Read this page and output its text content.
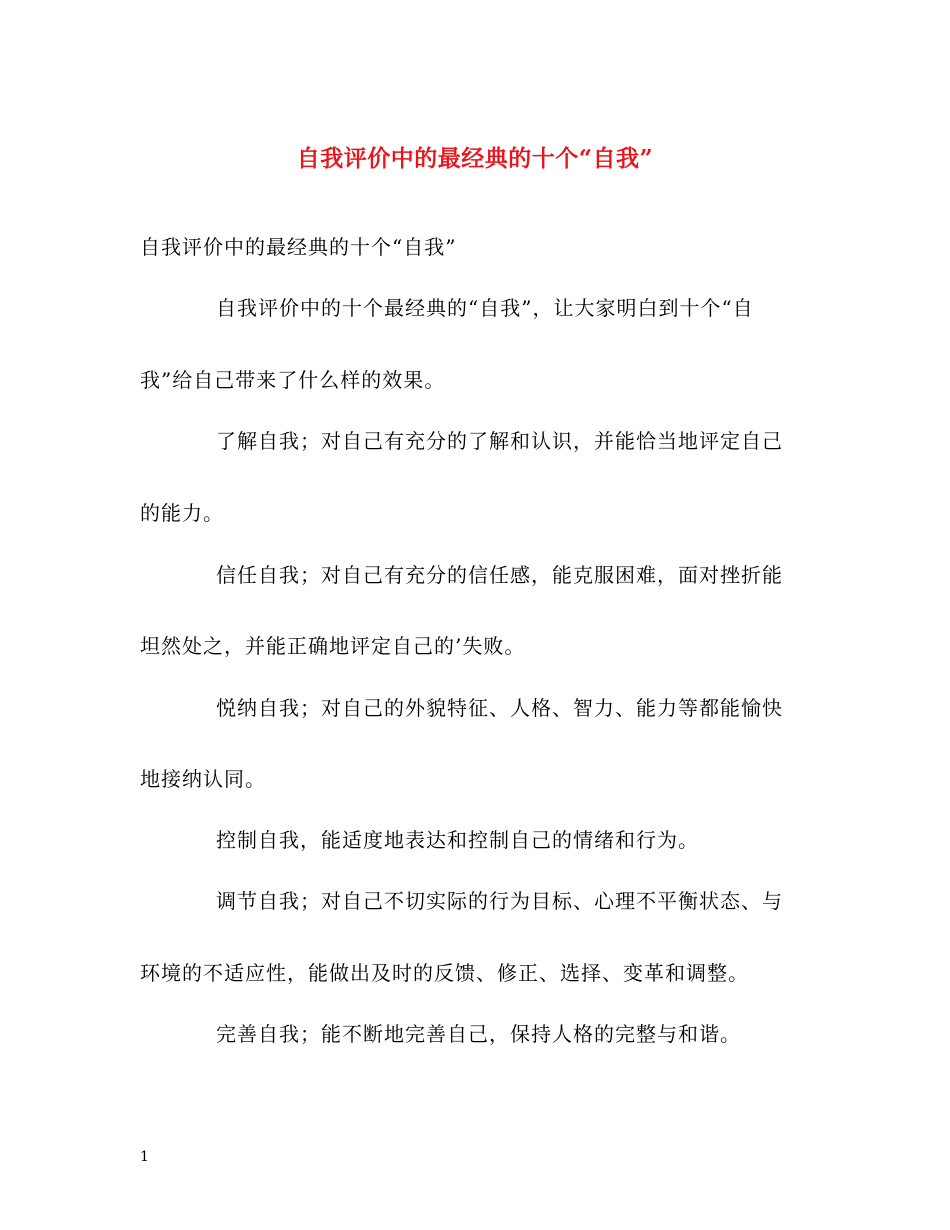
自我评价中的最经典的十个“自我”
自我评价中的最经典的十个“自我”
自我评价中的十个最经典的“自我”，让大家明白到十个“自
我”给自己带来了什么样的效果。
了解自我；对自己有充分的了解和认识，并能恰当地评定自己
的能力。
信任自我；对自己有充分的信任感，能克服困难，面对挫折能
坦然处之，并能正确地评定自己的’失败。
悦纳自我；对自己的外貌特征、人格、智力、能力等都能愉快
地接纳认同。
控制自我，能适度地表达和控制自己的情绪和行为。
调节自我；对自己不切实际的行为目标、心理不平衡状态、与
环境的不适应性，能做出及时的反馈、修正、选择、变革和调整。
完善自我；能不断地完善自己，保持人格的完整与和谐。
1
